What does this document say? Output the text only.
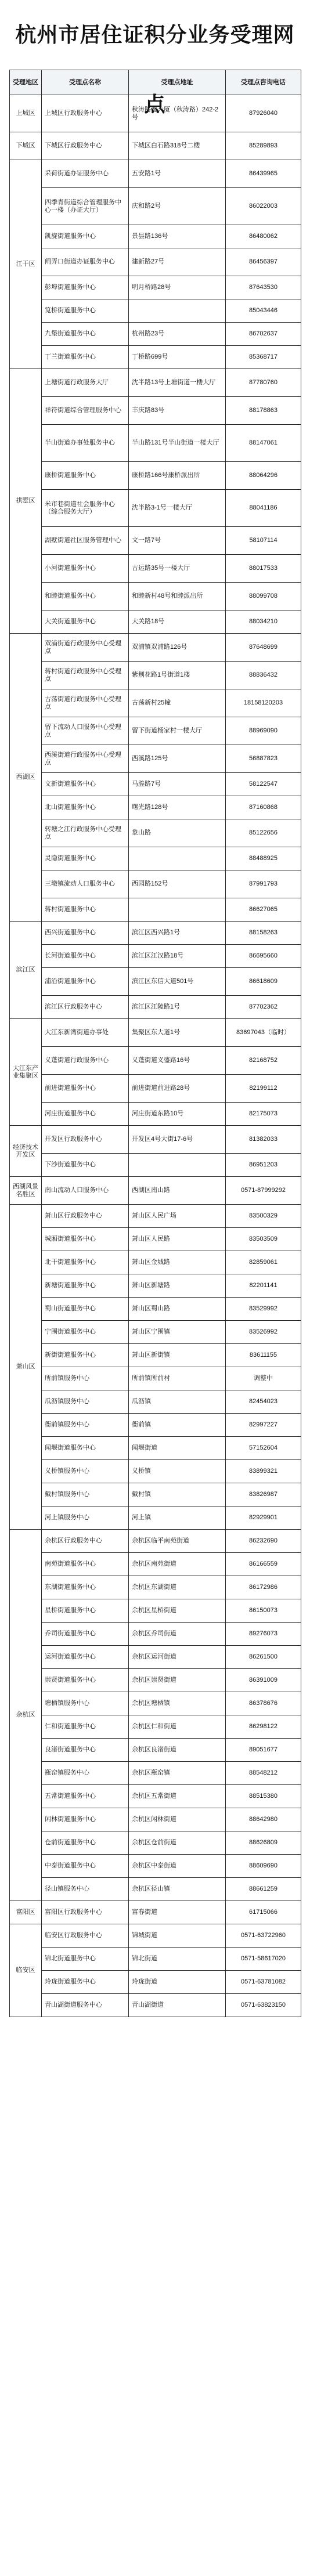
杭州市居住证积分业务受理网点
受理地区	受理点名称	受理点地址	受理点咨询电话
上城区	上城区行政服务中心	秋涛路斐大厦（秋涛路）242-2号	87926040
下城区	下城区行政服务中心	下城区白石路318号二楼	85289893
江干区	采荷街道办证服务中心	五安路1号	86439965
	四季青街道综合管理服务中心一楼（办证大厅）	庆和路2号	86022003
	凯旋街道服务中心	景昙路136号	86480062
	闸弄口街道办证服务中心	建新路27号	86456397
	彭埠街道服务中心	明月桥路28号	87643530
	笕桥街道服务中心		85043446
	九堡街道服务中心	杭州路23号	86702637
	丁兰街道服务中心	丁桥路699号	85368717
拱墅区	上塘街道行政服务大厅	沈半路13号上塘街道一楼大厅	87780760
	祥符街道综合管理服务中心	丰庆路83号	88178863
	半山街道办事处服务中心	半山路131号半山街道一楼大厅	88147061
	康桥街道服务中心	康桥路166号康桥派出所	88064296
	米市巷街道社会服务中心（综合服务大厅）	沈半路3-1号一楼大厅	88041186
	湖墅街道社区服务管理中心	文一路7号	58107114
	小河街道服务中心	古运路35号一楼大厅	88017533
	和睦街道服务中心	和睦新村48号和睦派出所	88099708
	大关街道服务中心	大关路18号	88034210
西湖区	双浦街道行政服务中心受理点	双浦镇双浦路126号	87648699
	蒋村街道行政服务中心受理点	紫荆花路1号街道1楼	88836432
	古荡街道行政服务中心受理点	古荡新村25幢	18158120203
	留下流动人口服务中心受理点	留下街道杨家村一楼大厅	88969090
	西溪街道行政服务中心受理点	西溪路125号	56887823
	文新街道服务中心	马塍路7号	58122547
	北山街道服务中心	曙光路128号	87160868
	转塘之江行政服务中心受理点	象山路	85122656
	灵隐街道服务中心		88488925
	三墩镇流动人口服务中心	西园路152号	87991793
	蒋村街道服务中心		86627065
滨江区	西兴街道服务中心	滨江区西兴路1号	88158263
	长河街道服务中心	滨江区江汉路18号	86695660
	浦沿街道服务中心	滨江区东信大道501号	86618609
	滨江区行政服务中心	滨江区江陵路1号	87702362
大江东产业集聚区	大江东新湾街道办事处	集聚区东大道1号	83697043（临时）
	义蓬街道行政服务中心	义蓬街道义盛路16号	82168752
	前进街道服务中心	前进街道前进路28号	82199112
	河庄街道服务中心	河庄街道东路10号	82175073
经济技术开发区	开发区行政服务中心	开发区4号大街17-6号	81382033
	下沙街道服务中心		86951203
西湖风景名胜区	南山流动人口服务中心	西湖区南山路	0571-87999292
萧山区	萧山区行政服务中心	萧山区人民广场	83500329
	城厢街道服务中心	萧山区人民路	83503509
	北干街道服务中心	萧山区金城路	82859061
	新塘街道服务中心	萧山区新塘路	82201141
	蜀山街道服务中心	萧山区蜀山路	83529992
	宁围街道服务中心	萧山区宁围镇	83526992
	新街街道服务中心	萧山区新街镇	83611155
	所前镇服务中心	所前镇所前村	调整中
	瓜沥镇服务中心	瓜沥镇	82454023
	衙前镇服务中心	衙前镇	82997227
	闻堰街道服务中心	闻堰街道	57152604
	义桥镇服务中心	义桥镇	83899321
	戴村镇服务中心	戴村镇	83826987
	河上镇服务中心	河上镇	82929901
余杭区	余杭区行政服务中心	余杭区临平南苑街道	86232690
	南苑街道服务中心	余杭区南苑街道	86166559
	东湖街道服务中心	余杭区东湖街道	86172986
	星桥街道服务中心	余杭区星桥街道	86150073
	乔司街道服务中心	余杭区乔司街道	89276073
	运河街道服务中心	余杭区运河街道	86261500
	崇贤街道服务中心	余杭区崇贤街道	86391009
	塘栖镇服务中心	余杭区塘栖镇	86378676
	仁和街道服务中心	余杭区仁和街道	86298122
	良渚街道服务中心	余杭区良渚街道	89051677
	瓶窑镇服务中心	余杭区瓶窑镇	88548212
	五常街道服务中心	余杭区五常街道	88515380
	闲林街道服务中心	余杭区闲林街道	88642980
	仓前街道服务中心	余杭区仓前街道	88626809
	中泰街道服务中心	余杭区中泰街道	88609690
	径山镇服务中心	余杭区径山镇	88661259
富阳区	富阳区行政服务中心	富春街道	61715066
临安区	临安区行政服务中心	锦城街道	0571-63722960
	锦北街道服务中心	锦北街道	0571-58617020
	玲珑街道服务中心	玲珑街道	0571-63781082
	青山湖街道服务中心	青山湖街道	0571-63823150
